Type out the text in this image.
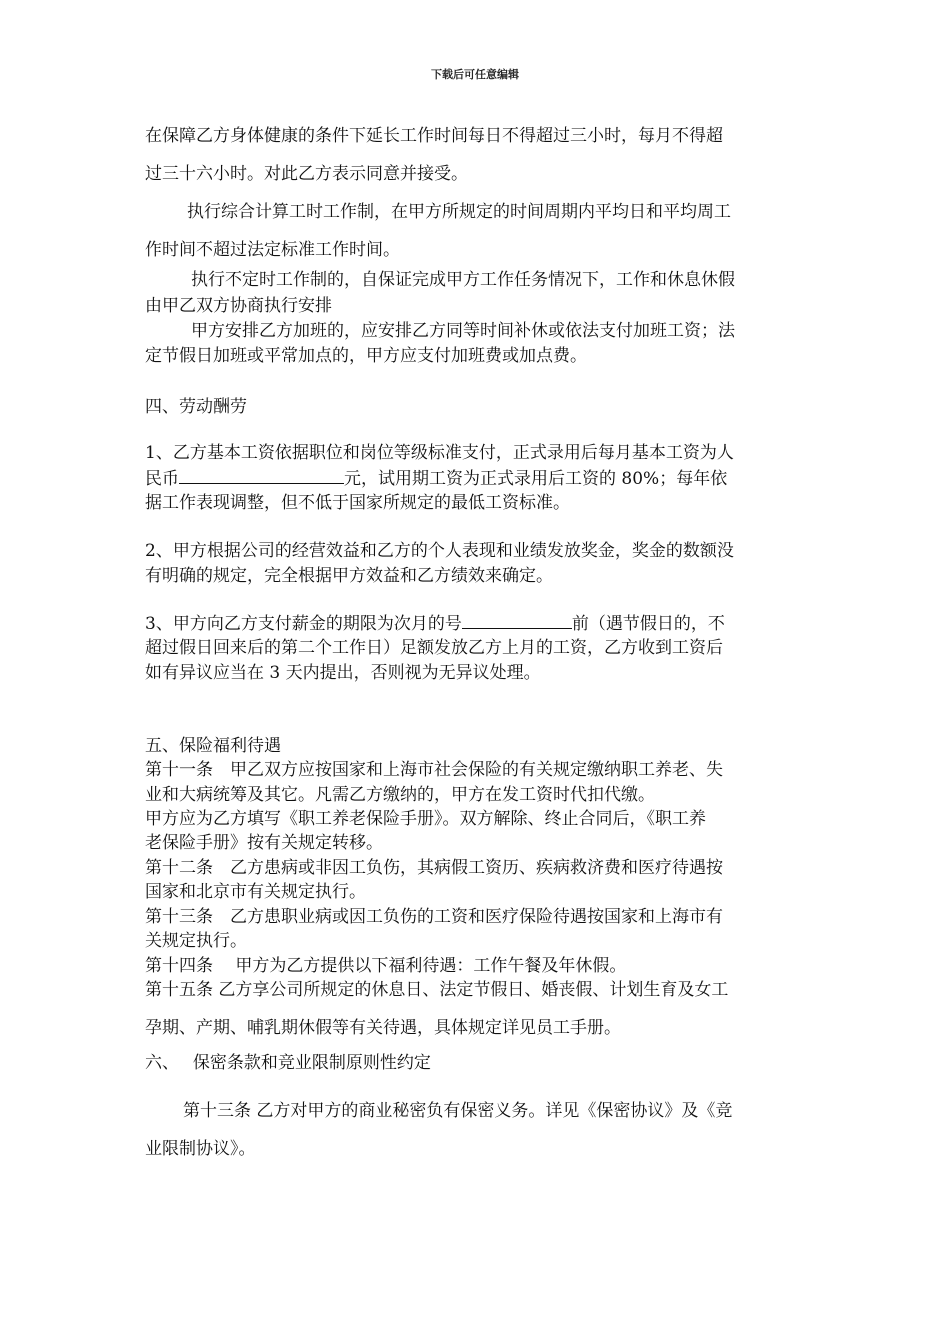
下载后可任意编辑
在保障乙方身体健康的条件下延长工作时间每日不得超过三小时，每月不得超
过三十六小时。对此乙方表示同意并接受。
执行综合计算工时工作制，在甲方所规定的时间周期内平均日和平均周工
作时间不超过法定标准工作时间。
执行不定时工作制的，自保证完成甲方工作任务情况下，工作和休息休假
由甲乙双方协商执行安排
甲方安排乙方加班的，应安排乙方同等时间补休或依法支付加班工资；法
定节假日加班或平常加点的，甲方应支付加班费或加点费。
四、劳动酬劳
1、乙方基本工资依据职位和岗位等级标准支付，正式录用后每月基本工资为人
民币	元，试用期工资为正式录用后工资的 80%；每年依
据工作表现调整，但不低于国家所规定的最低工资标准。
2、甲方根据公司的经营效益和乙方的个人表现和业绩发放奖金，奖金的数额没
有明确的规定，完全根据甲方效益和乙方绩效来确定。
3、甲方向乙方支付薪金的期限为次月的号	前（遇节假日的，不
超过假日回来后的第二个工作日）足额发放乙方上月的工资，乙方收到工资后
如有异议应当在 3 天内提出，否则视为无异议处理。
五、保险福利待遇
第十一条　甲乙双方应按国家和上海市社会保险的有关规定缴纳职工养老、失
业和大病统筹及其它。凡需乙方缴纳的，甲方在发工资时代扣代缴。
甲方应为乙方填写《职工养老保险手册》。双方解除、终止合同后，《职工养
老保险手册》按有关规定转移。
第十二条　乙方患病或非因工负伤，其病假工资历、疾病救济费和医疗待遇按
国家和北京市有关规定执行。
第十三条　乙方患职业病或因工负伤的工资和医疗保险待遇按国家和上海市有
关规定执行。
第十四条　 甲方为乙方提供以下福利待遇：工作午餐及年休假。
第十五条 乙方享公司所规定的休息日、法定节假日、婚丧假、计划生育及女工
孕期、产期、哺乳期休假等有关待遇，具体规定详见员工手册。
六、　 保密条款和竞业限制原则性约定
第十三条 乙方对甲方的商业秘密负有保密义务。详见《保密协议》及《竞
业限制协议》。
